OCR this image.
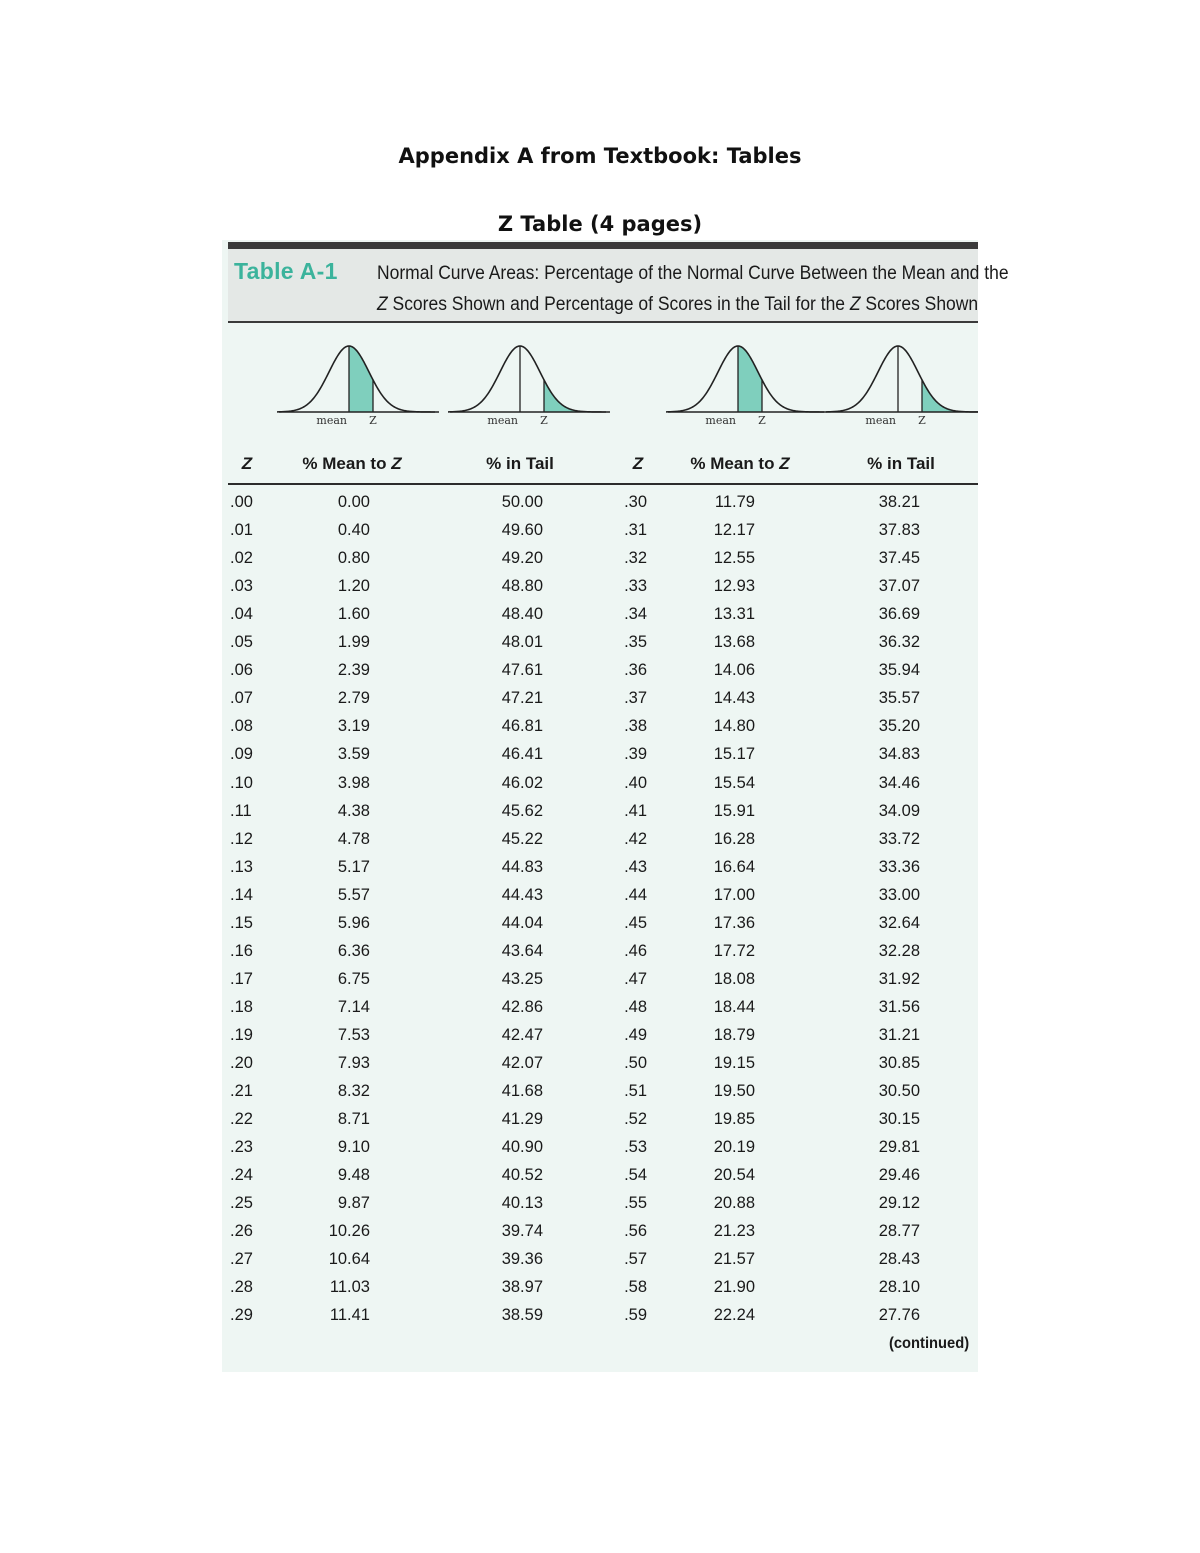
Appendix A from Textbook: Tables
Z Table (4 pages)
Table A-1 Normal Curve Areas: Percentage of the Normal Curve Between the Mean and the
Z Scores Shown and Percentage of Scores in the Tail for the Z Scores Shown
mean Z	mean Z	mean Z	mean Z
Z	% Mean to Z	% in Tail	Z	% Mean to Z	% in Tail
.00	0.00	50.00	.30	11.79	38.21
.01	0.40	49.60	.31	12.17	37.83
.02	0.80	49.20	.32	12.55	37.45
.03	1.20	48.80	.33	12.93	37.07
.04	1.60	48.40	.34	13.31	36.69
.05	1.99	48.01	.35	13.68	36.32
.06	2.39	47.61	.36	14.06	35.94
.07	2.79	47.21	.37	14.43	35.57
.08	3.19	46.81	.38	14.80	35.20
.09	3.59	46.41	.39	15.17	34.83
.10	3.98	46.02	.40	15.54	34.46
.11	4.38	45.62	.41	15.91	34.09
.12	4.78	45.22	.42	16.28	33.72
.13	5.17	44.83	.43	16.64	33.36
.14	5.57	44.43	.44	17.00	33.00
.15	5.96	44.04	.45	17.36	32.64
.16	6.36	43.64	.46	17.72	32.28
.17	6.75	43.25	.47	18.08	31.92
.18	7.14	42.86	.48	18.44	31.56
.19	7.53	42.47	.49	18.79	31.21
.20	7.93	42.07	.50	19.15	30.85
.21	8.32	41.68	.51	19.50	30.50
.22	8.71	41.29	.52	19.85	30.15
.23	9.10	40.90	.53	20.19	29.81
.24	9.48	40.52	.54	20.54	29.46
.25	9.87	40.13	.55	20.88	29.12
.26	10.26	39.74	.56	21.23	28.77
.27	10.64	39.36	.57	21.57	28.43
.28	11.03	38.97	.58	21.90	28.10
.29	11.41	38.59	.59	22.24	27.76
(continued)
